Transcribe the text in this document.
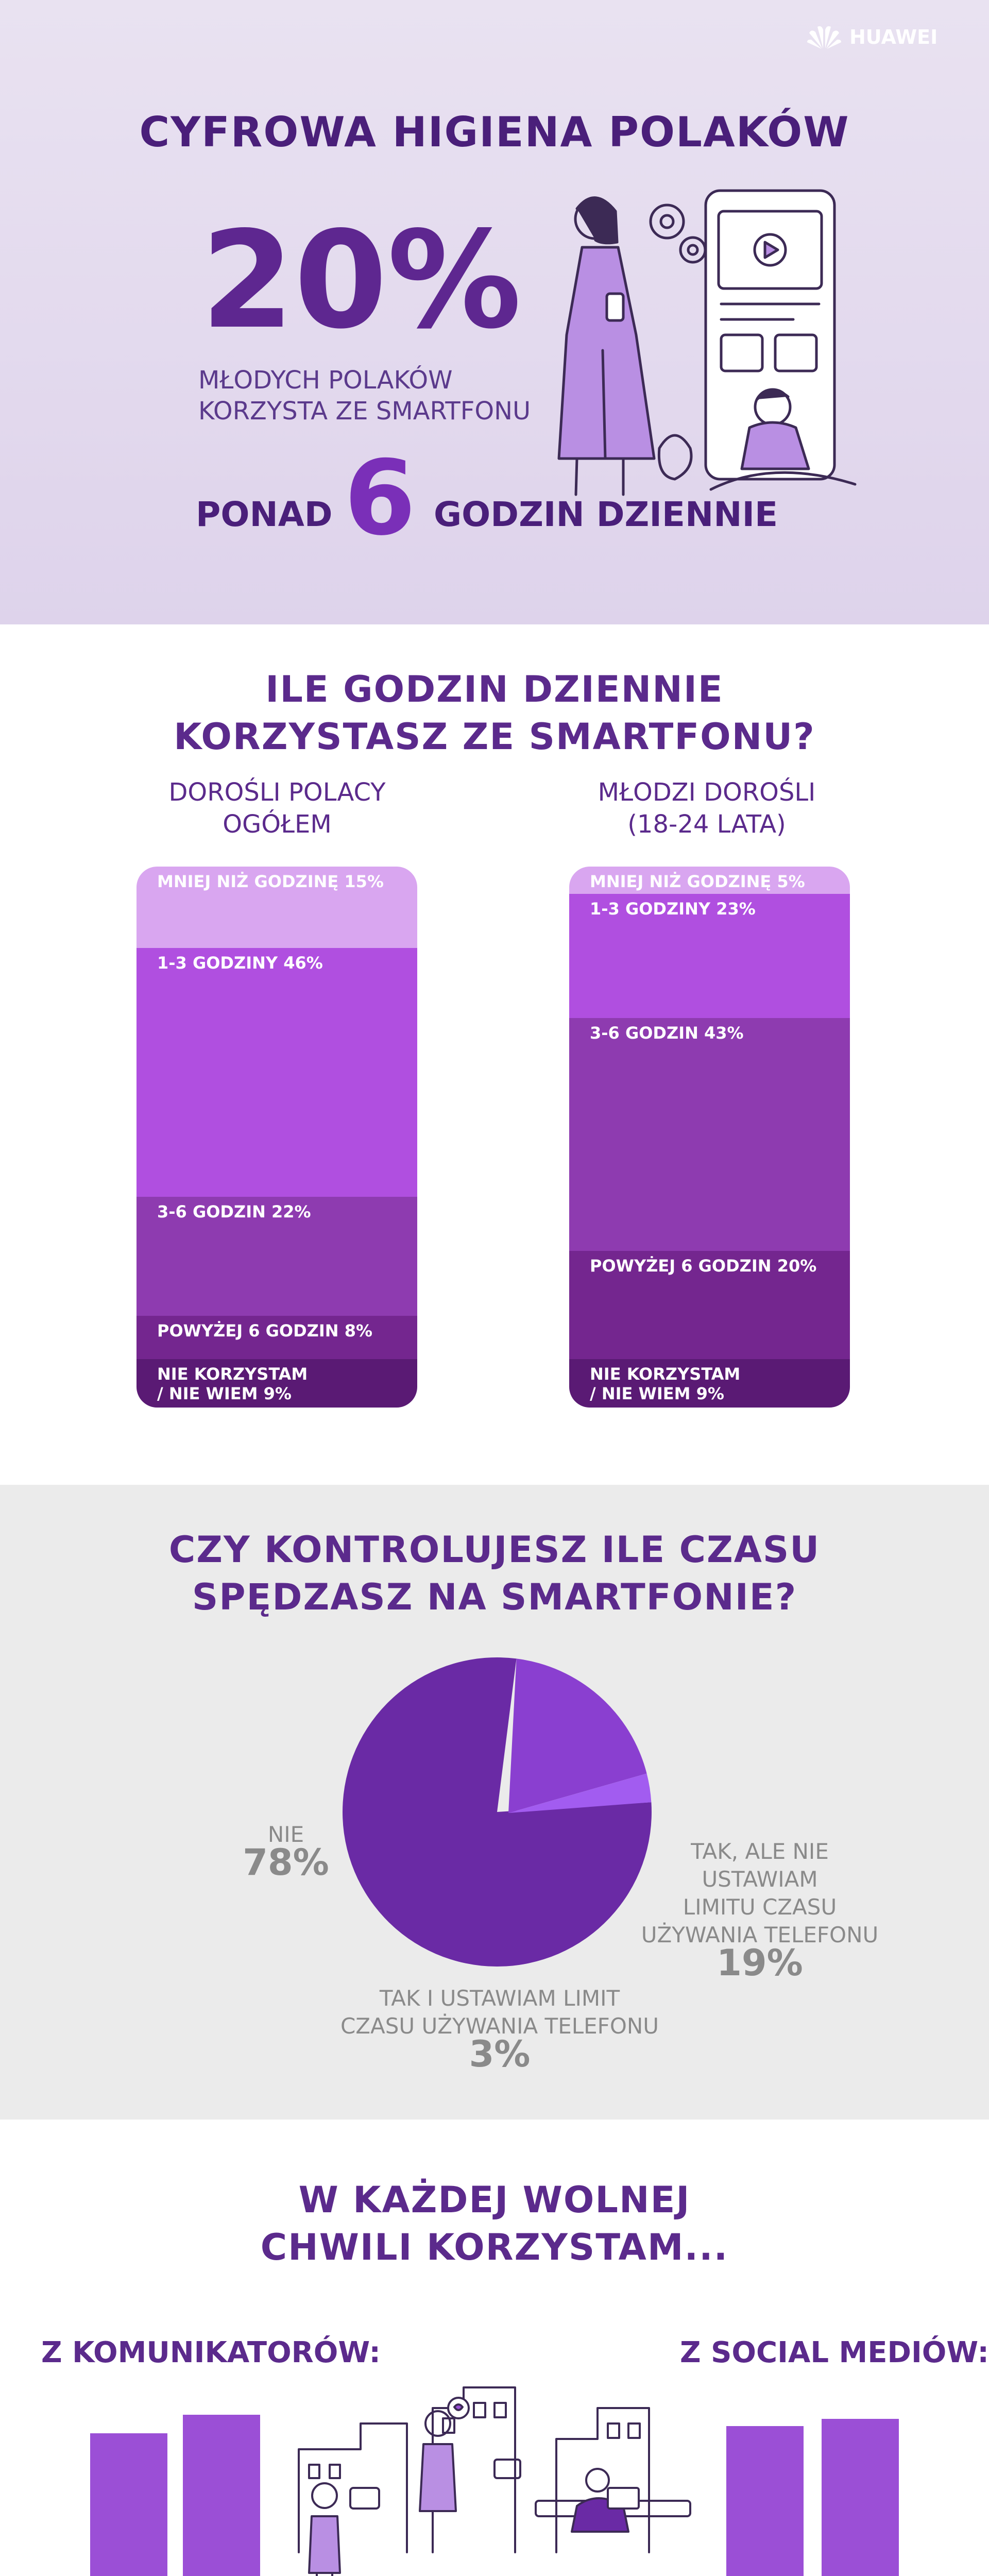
HUAWEI
CYFROWA HIGIENA POLAKÓW
20%
MŁODYCH POLAKÓW
KORZYSTA ZE SMARTFONU
PONAD 6 GODZIN DZIENNIE
ILE GODZIN DZIENNIE
KORZYSTASZ ZE SMARTFONU?
DOROŚLI POLACY
OGÓŁEM
MŁODZI DOROŚLI
(18-24 LATA)
MNIEJ NIŻ GODZINĘ 15%
1-3 GODZINY 46%
3-6 GODZIN 22%
POWYŻEJ 6 GODZIN 8%
NIE KORZYSTAM
/ NIE WIEM 9%
MNIEJ NIŻ GODZINĘ 5%
1-3 GODZINY 23%
3-6 GODZIN 43%
POWYŻEJ 6 GODZIN 20%
NIE KORZYSTAM
/ NIE WIEM 9%
CZY KONTROLUJESZ ILE CZASU
SPĘDZASZ NA SMARTFONIE?
NIE
78%	TAK, ALE NIE
USTAWIAM
LIMITU CZASU
UŻYWANIA TELEFONU
19%
TAK I USTAWIAM LIMIT
CZASU UŻYWANIA TELEFONU
3%
W KAŻDEJ WOLNEJ
CHWILI KORZYSTAM...
Z KOMUNIKATORÓW:	Z SOCIAL MEDIÓW:
